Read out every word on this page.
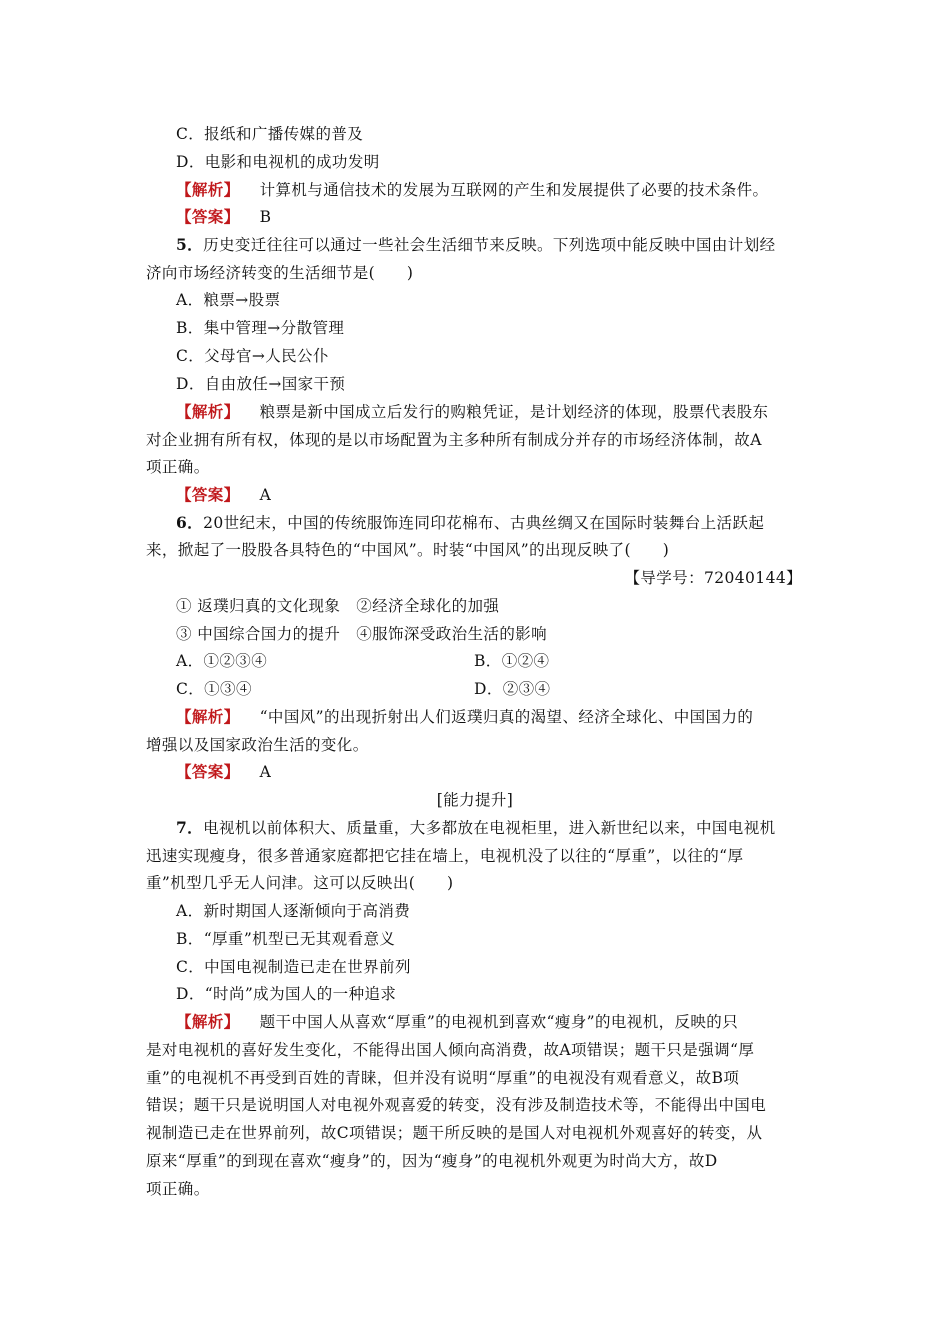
C．报纸和广播传媒的普及
D．电影和电视机的成功发明
【解析】 计算机与通信技术的发展为互联网的产生和发展提供了必要的技术条件。
【答案】 B
5．历史变迁往往可以通过一些社会生活细节来反映。下列选项中能反映中国由计划经
济向市场经济转变的生活细节是(　　)
A．粮票→股票
B．集中管理→分散管理
C．父母官→人民公仆
D．自由放任→国家干预
【解析】 粮票是新中国成立后发行的购粮凭证，是计划经济的体现，股票代表股东
对企业拥有所有权，体现的是以市场配置为主多种所有制成分并存的市场经济体制，故A
项正确。
【答案】 A
6．20世纪末，中国的传统服饰连同印花棉布、古典丝绸又在国际时装舞台上活跃起
来，掀起了一股股各具特色的“中国风”。时装“中国风”的出现反映了(　　)
【导学号：72040144】
① 返璞归真的文化现象　②经济全球化的加强
③ 中国综合国力的提升　④服饰深受政治生活的影响
A．①②③④	B．①②④
C．①③④	D．②③④
【解析】 “中国风”的出现折射出人们返璞归真的渴望、经济全球化、中国国力的
增强以及国家政治生活的变化。
【答案】 A
[能力提升]
7．电视机以前体积大、质量重，大多都放在电视柜里，进入新世纪以来，中国电视机
迅速实现瘦身，很多普通家庭都把它挂在墙上，电视机没了以往的“厚重”，以往的“厚
重”机型几乎无人问津。这可以反映出(　　)
A．新时期国人逐渐倾向于高消费
B．“厚重”机型已无其观看意义
C．中国电视制造已走在世界前列
D．“时尚”成为国人的一种追求
【解析】 题干中国人从喜欢“厚重”的电视机到喜欢“瘦身”的电视机，反映的只
是对电视机的喜好发生变化，不能得出国人倾向高消费，故A项错误；题干只是强调“厚
重”的电视机不再受到百姓的青睐，但并没有说明“厚重”的电视没有观看意义，故B项
错误；题干只是说明国人对电视外观喜爱的转变，没有涉及制造技术等，不能得出中国电
视制造已走在世界前列，故C项错误；题干所反映的是国人对电视机外观喜好的转变，从
原来“厚重”的到现在喜欢“瘦身”的，因为“瘦身”的电视机外观更为时尚大方，故D
项正确。
